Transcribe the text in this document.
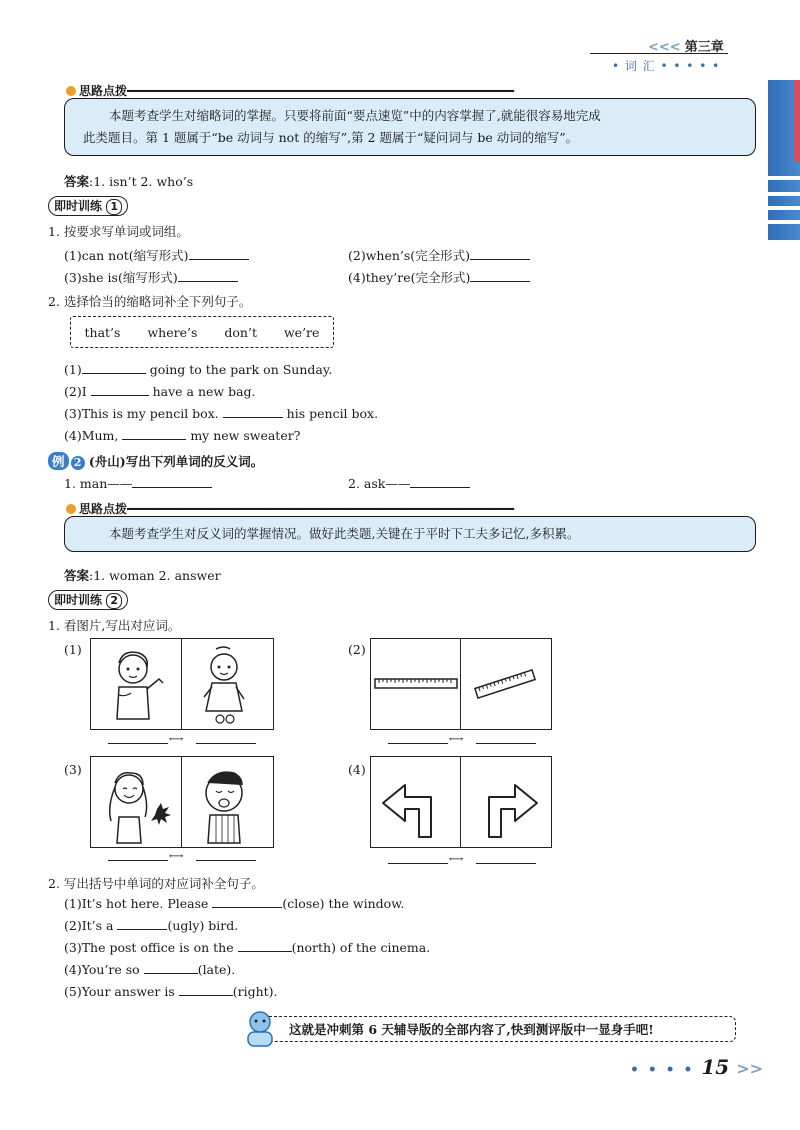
<<< 第三章
• 词 汇 • • • • •
思路点拨━━━━━━━━━━━━━━━━━━━━━━━━━━━━━━━━━━━━━━━━━━━━━━━━━━━━━━━━━━━━━━
本题考查学生对缩略词的掌握。只要将前面“要点速览”中的内容掌握了,就能很容易地完成
此类题目。第 1 题属于“be 动词与 not 的缩写”,第 2 题属于“疑问词与 be 动词的缩写”。
答案:1. isn’t 2. who’s
即时训练 1
1. 按要求写单词或词组。
(1)can not(缩写形式)	(2)when’s(完全形式)
(3)she is(缩写形式)	(4)they’re(完全形式)
2. 选择恰当的缩略词补全下列句子。
that’s where’s don’t we’re
(1)	going to the park on Sunday.
(2)I	have a new bag.
(3)This is my pencil box.	his pencil box.
(4)Mum,	my new sweater?
例 2 (舟山)写出下列单词的反义词。
1. man——	2. ask——
思路点拨━━━━━━━━━━━━━━━━━━━━━━━━━━━━━━━━━━━━━━━━━━━━━━━━━━━━━━━━━━━━━━
本题考查学生对反义词的掌握情况。做好此类题,关键在于平时下工夫多记忆,多积累。
答案:1. woman 2. answer
即时训练 2
1. 看图片,写出对应词。
(1)
⟷
(2)
⟷
(3)
⟷
(4)
⟷
2. 写出括号中单词的对应词补全句子。
(1)It’s hot here. Please	(close) the window.
(2)It’s a	(ugly) bird.
(3)The post office is on the	(north) of the cinema.
(4)You’re so	(late).
(5)Your answer is	(right).
这就是冲刺第 6 天辅导版的全部内容了,快到测评版中一显身手吧!
• • • • 15 >>
